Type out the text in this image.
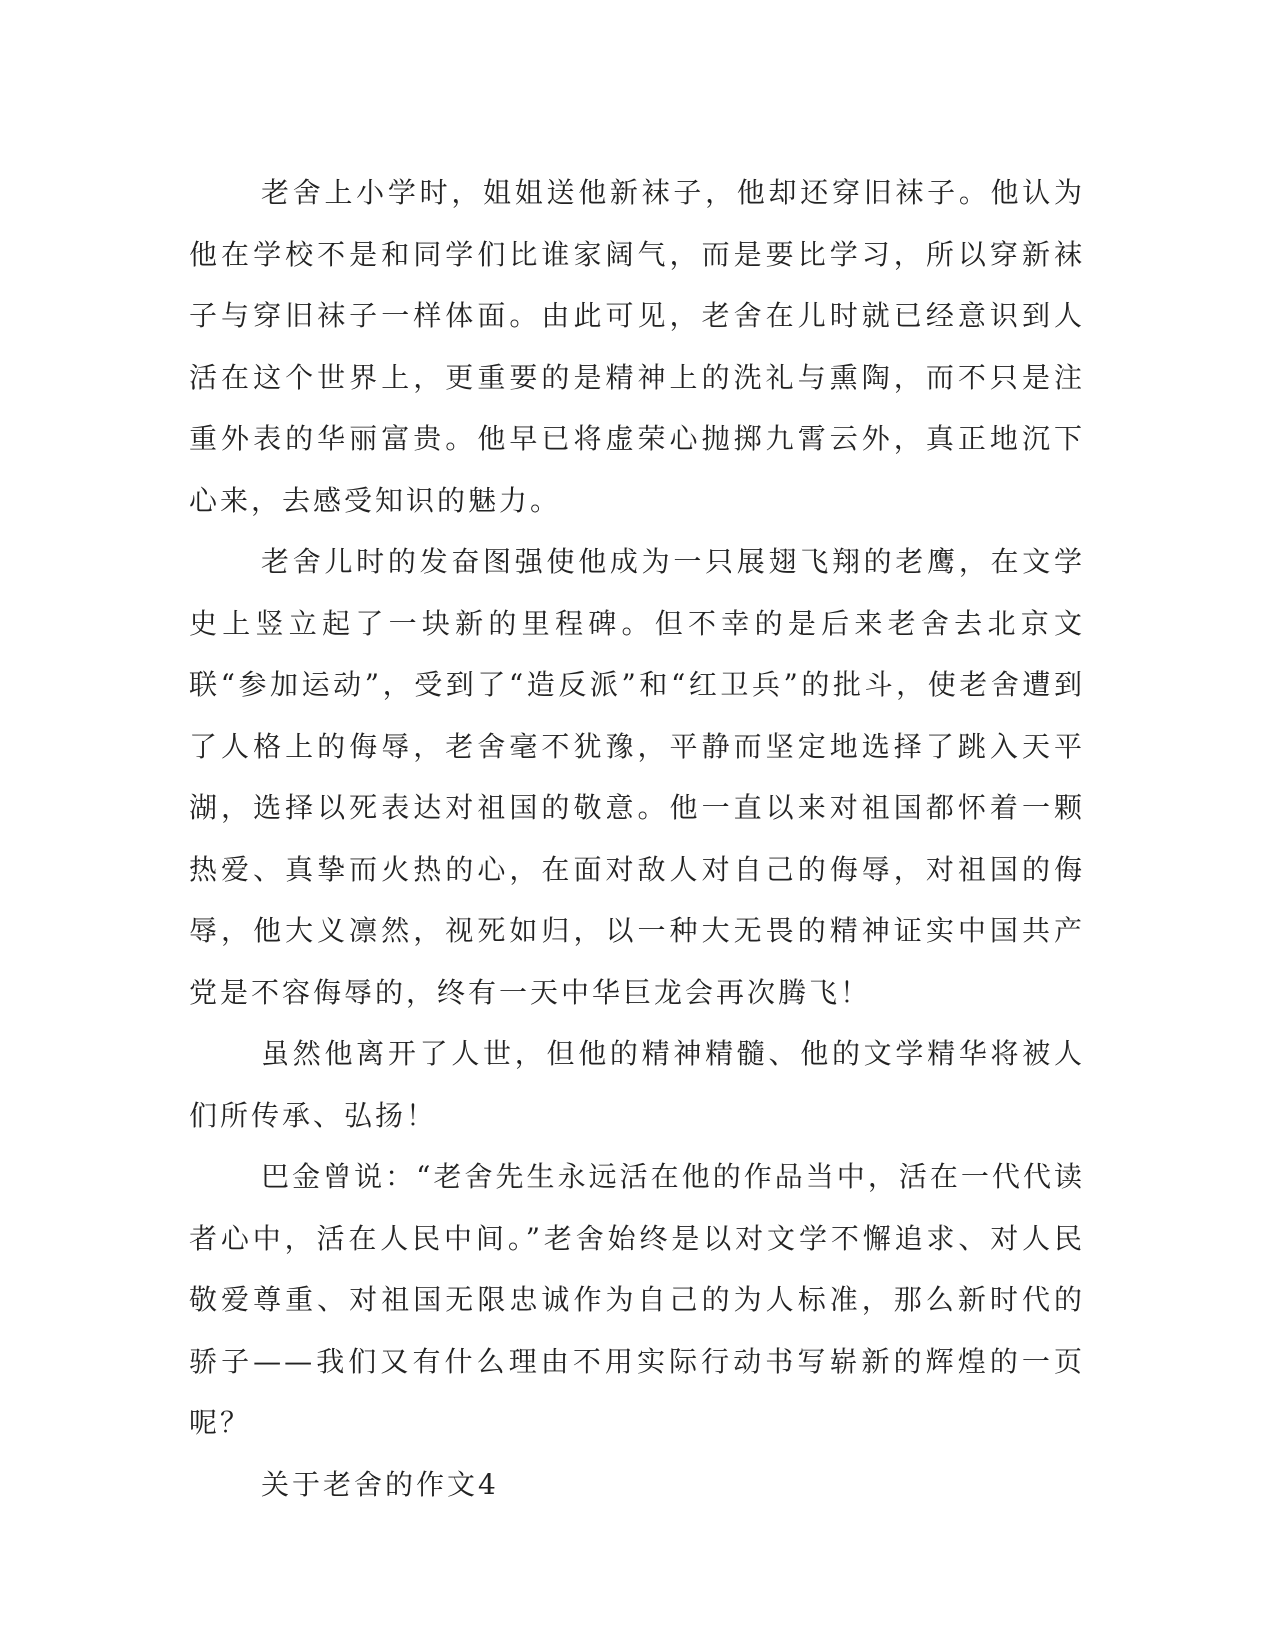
老舍上小学时，姐姐送他新袜子，他却还穿旧袜子。他认为他在学校不是和同学们比谁家阔气，而是要比学习，所以穿新袜子与穿旧袜子一样体面。由此可见，老舍在儿时就已经意识到人活在这个世界上，更重要的是精神上的洗礼与熏陶，而不只是注重外表的华丽富贵。他早已将虚荣心抛掷九霄云外，真正地沉下心来，去感受知识的魅力。

老舍儿时的发奋图强使他成为一只展翅飞翔的老鹰，在文学史上竖立起了一块新的里程碑。但不幸的是后来老舍去北京文联“参加运动”，受到了“造反派”和“红卫兵”的批斗，使老舍遭到了人格上的侮辱，老舍毫不犹豫，平静而坚定地选择了跳入天平湖，选择以死表达对祖国的敬意。他一直以来对祖国都怀着一颗热爱、真挚而火热的心，在面对敌人对自己的侮辱，对祖国的侮辱，他大义凛然，视死如归，以一种大无畏的精神证实中国共产党是不容侮辱的，终有一天中华巨龙会再次腾飞！

虽然他离开了人世，但他的精神精髓、他的文学精华将被人们所传承、弘扬！

巴金曾说：“老舍先生永远活在他的作品当中，活在一代代读者心中，活在人民中间。”老舍始终是以对文学不懈追求、对人民敬爱尊重、对祖国无限忠诚作为自己的为人标准，那么新时代的骄子——我们又有什么理由不用实际行动书写崭新的辉煌的一页呢？

关于老舍的作文4
